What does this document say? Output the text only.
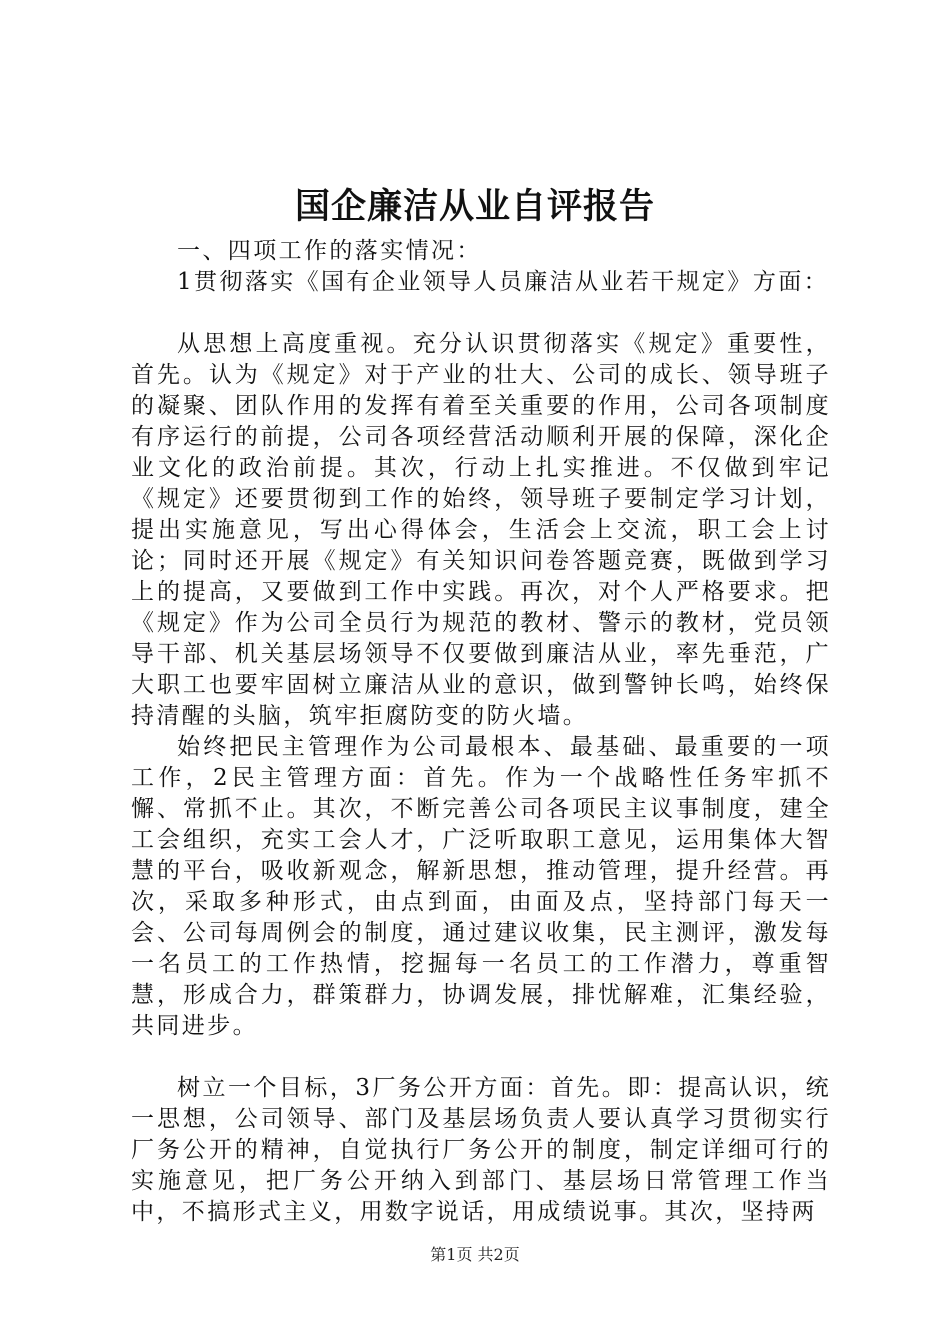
国企廉洁从业自评报告

一、四项工作的落实情况：

1贯彻落实《国有企业领导人员廉洁从业若干规定》方面：

从思想上高度重视。充分认识贯彻落实《规定》重要性，首先。认为《规定》对于产业的壮大、公司的成长、领导班子的凝聚、团队作用的发挥有着至关重要的作用，公司各项制度有序运行的前提，公司各项经营活动顺利开展的保障，深化企业文化的政治前提。其次，行动上扎实推进。不仅做到牢记《规定》还要贯彻到工作的始终，领导班子要制定学习计划，提出实施意见，写出心得体会，生活会上交流，职工会上讨论；同时还开展《规定》有关知识问卷答题竞赛，既做到学习上的提高，又要做到工作中实践。再次，对个人严格要求。把《规定》作为公司全员行为规范的教材、警示的教材，党员领导干部、机关基层场领导不仅要做到廉洁从业，率先垂范，广大职工也要牢固树立廉洁从业的意识，做到警钟长鸣，始终保持清醒的头脑，筑牢拒腐防变的防火墙。

始终把民主管理作为公司最根本、最基础、最重要的一项工作，2民主管理方面：首先。作为一个战略性任务牢抓不懈、常抓不止。其次，不断完善公司各项民主议事制度，建全工会组织，充实工会人才，广泛听取职工意见，运用集体大智慧的平台，吸收新观念，解新思想，推动管理，提升经营。再次，采取多种形式，由点到面，由面及点，坚持部门每天一会、公司每周例会的制度，通过建议收集，民主测评，激发每一名员工的工作热情，挖掘每一名员工的工作潜力，尊重智慧，形成合力，群策群力，协调发展，排忧解难，汇集经验，共同进步。

树立一个目标，3厂务公开方面：首先。即：提高认识，统一思想，公司领导、部门及基层场负责人要认真学习贯彻实行厂务公开的精神，自觉执行厂务公开的制度，制定详细可行的实施意见，把厂务公开纳入到部门、基层场日常管理工作当中，不搞形式主义，用数字说话，用成绩说事。其次，坚持两

第1页 共2页
